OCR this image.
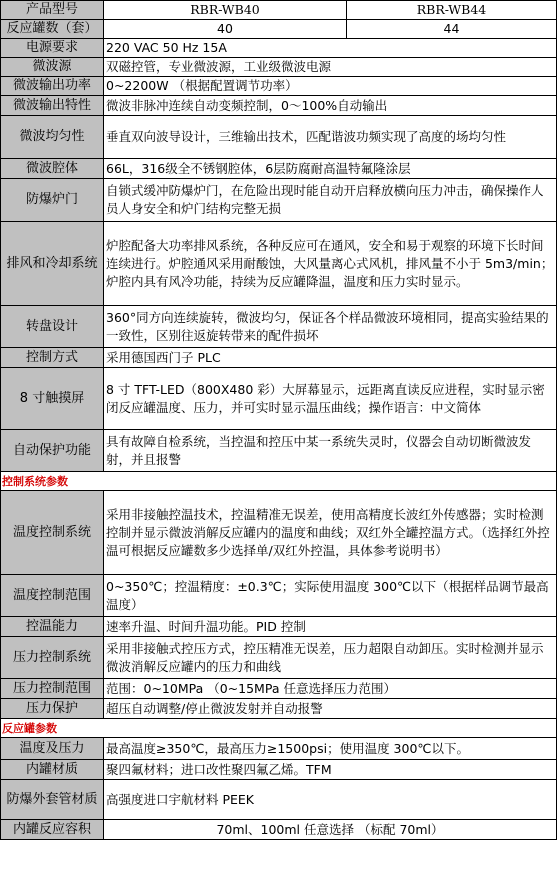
产品型号	RBR-WB40	RBR-WB44
反应罐数（套）	40	44
电源要求	220 VAC 50 Hz 15A	
微波源	双磁控管，专业微波源，工业级微波电源	
微波输出功率	0~2200W （根据配置调节功率）	
微波输出特性	微波非脉冲连续自动变频控制，0～100%自动输出	
微波均匀性	垂直双向波导设计，三维输出技术，匹配谐波功频实现了高度的场均匀性	
微波腔体	66L，316级全不锈钢腔体，6层防腐耐高温特氟隆涂层	
防爆炉门	自锁式缓冲防爆炉门，在危险出现时能自动开启释放横向压力冲击，确保操作人员人身安全和炉门结构完整无损	
排风和冷却系统	炉腔配备大功率排风系统，各种反应可在通风，安全和易于观察的环境下长时间连续进行。炉腔通风采用耐酸蚀，大风量离心式风机，排风量不小于 5m3/min；炉腔内具有风冷功能，持续为反应罐降温，温度和压力实时显示。	
转盘设计	360°同方向连续旋转，微波均匀，保证各个样品微波环境相同，提高实验结果的一致性，区别往返旋转带来的配件损坏	
控制方式	采用德国西门子 PLC	
8 寸触摸屏	8 寸 TFT-LED（800X480 彩）大屏幕显示，远距离直读反应进程，实时显示密闭反应罐温度、压力，并可实时显示温压曲线；操作语言：中文简体	
自动保护功能	具有故障自检系统，当控温和控压中某一系统失灵时，仪器会自动切断微波发射，并且报警	
控制系统参数		
温度控制系统	采用非接触控温技术，控温精准无误差，使用高精度长波红外传感器；实时检测控制并显示微波消解反应罐内的温度和曲线；双红外全罐控温方式。（选择红外控温可根据反应罐数多少选择单/双红外控温，具体参考说明书）	
温度控制范围	0~350℃；控温精度：±0.3℃；实际使用温度 300℃以下（根据样品调节最高温度）	
控温能力	速率升温、时间升温功能。PID 控制	
压力控制系统	采用非接触式控压方式，控压精准无误差，压力超限自动卸压。实时检测并显示微波消解反应罐内的压力和曲线	
压力控制范围	范围：0~10MPa （0~15MPa 任意选择压力范围）	
压力保护	超压自动调整/停止微波发射并自动报警	
反应罐参数		
温度及压力	最高温度≥350℃，最高压力≥1500psi；使用温度 300℃以下。	
内罐材质	聚四氟材料；进口改性聚四氟乙烯。TFM	
防爆外套管材质	高强度进口宇航材料 PEEK	
内罐反应容积	70ml、100ml 任意选择 （标配 70ml）	
